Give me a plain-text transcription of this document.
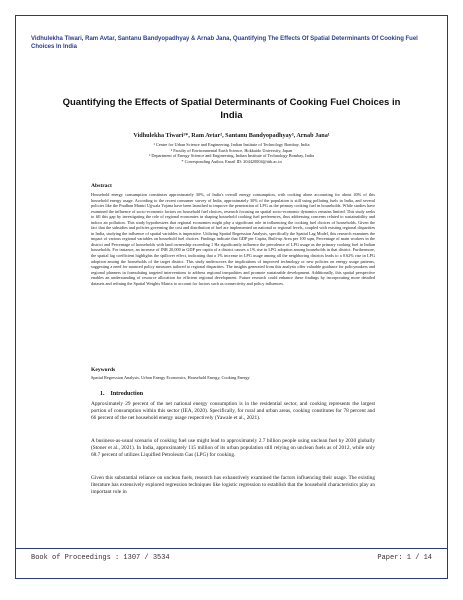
Vidhulekha Tiwari, Ram Avtar, Santanu Bandyopadhyay & Arnab Jana, Quantifying The Effects Of Spatial Determinants Of Cooking Fuel Choices In India
Quantifying the Effects of Spatial Determinants of Cooking Fuel Choices in India
Vidhulekha Tiwari¹*, Ram Avtar², Santanu Bandyopadhyay³, Arnab Jana¹
¹ Centre for Urban Science and Engineering, Indian Institute of Technology Bombay, India
² Faculty of Environmental Earth Science, Hokkaido University, Japan
³ Department of Energy Science and Engineering, Indian Institute of Technology Bombay, India
* Corresponding Author, Email ID: 204420004@iitb.ac.in
Abstract
Household energy consumption constitutes approximately 30%, of India's overall energy consumption, with cooking alone accounting for about 40% of this household energy usage. According to the recent consumer survey of India, approximately 30% of the population is still using polluting fuels in India, and several policies like the Pradhan Mantri Ujjwala Yojana have been launched to improve the penetration of LPG as the primary cooking fuel in households. While studies have examined the influence of socio-economic factors on household fuel choices, research focusing on spatial socio-economic dynamics remains limited. This study seeks to fill this gap by investigating the role of regional economies in shaping household cooking fuel preferences, thus addressing concerns related to sustainability and indoor air pollution. This study hypothesizes that regional economies might play a significant role in influencing the cooking fuel choices of households. Given the fact that the subsidies and policies governing the cost and distribution of fuel are implemented on national or regional levels, coupled with existing regional disparities in India, studying the influence of spatial variables is imperative. Utilizing Spatial Regression Analysis, specifically the Spatial Lag Model, this research examines the impact of various regional variables on household fuel choices. Findings indicate that GDP per Capita, Built-up Area per 100 sqm, Percentage of main workers in the district and Percentage of households with land ownership exceeding 1 Ha significantly influence the prevalence of LPG usage as the primary cooking fuel in Indian households. For instance, an increase of INR 20,000 in GDP per capita of a district causes a 1% rise in LPG adoption among households in that district. Furthermore, the spatial lag coefficient highlights the spillover effect, indicating that a 1% increase in LPG usage among all the neighboring districts leads to a 0.62% rise in LPG adoption among the households of the target district. This study underscores the implications of improved technology or new policies on energy usage patterns, suggesting a need for nuanced policy measures tailored to regional disparities. The insights generated from this analysis offer valuable guidance for policymakers and regional planners in formulating targeted interventions to address regional inequalities and promote sustainable development. Additionally, this spatial perspective enables an understanding of resource allocation for efficient regional development. Future research could enhance these findings by incorporating more detailed datasets and refining the Spatial Weights Matrix to account for factors such as connectivity and policy influences.
Keywords
Spatial Regression Analysis, Urban Energy Economics, Household Energy, Cooking Energy
1. Introduction
Approximately 29 percent of the net national energy consumption is in the residential sector, and cooking represents the largest portion of consumption within this sector (IEA, 2020). Specifically, for rural and urban areas, cooking constitutes for 78 percent and 66 percent of the net household energy usage respectively (Yawale et al., 2021).
A business-as-usual scenario of cooking fuel use might lead to approximately 2.7 billion people using unclean fuel by 2030 globally (Stoner et al., 2021). In India, approximately 115 million of its urban population still relying on unclean fuels as of 2012, while only 68.7 percent of utilizes Liquified Petroleum Gas (LPG) for cooking.
Given this substantial reliance on unclean fuels, research has exhaustively examined the factors influencing their usage. The existing literature has extensively explored regression techniques like logistic regression to establish that the household characteristics play an important role in
Book of Proceedings : 1307 / 3534	Paper: 1 / 14
